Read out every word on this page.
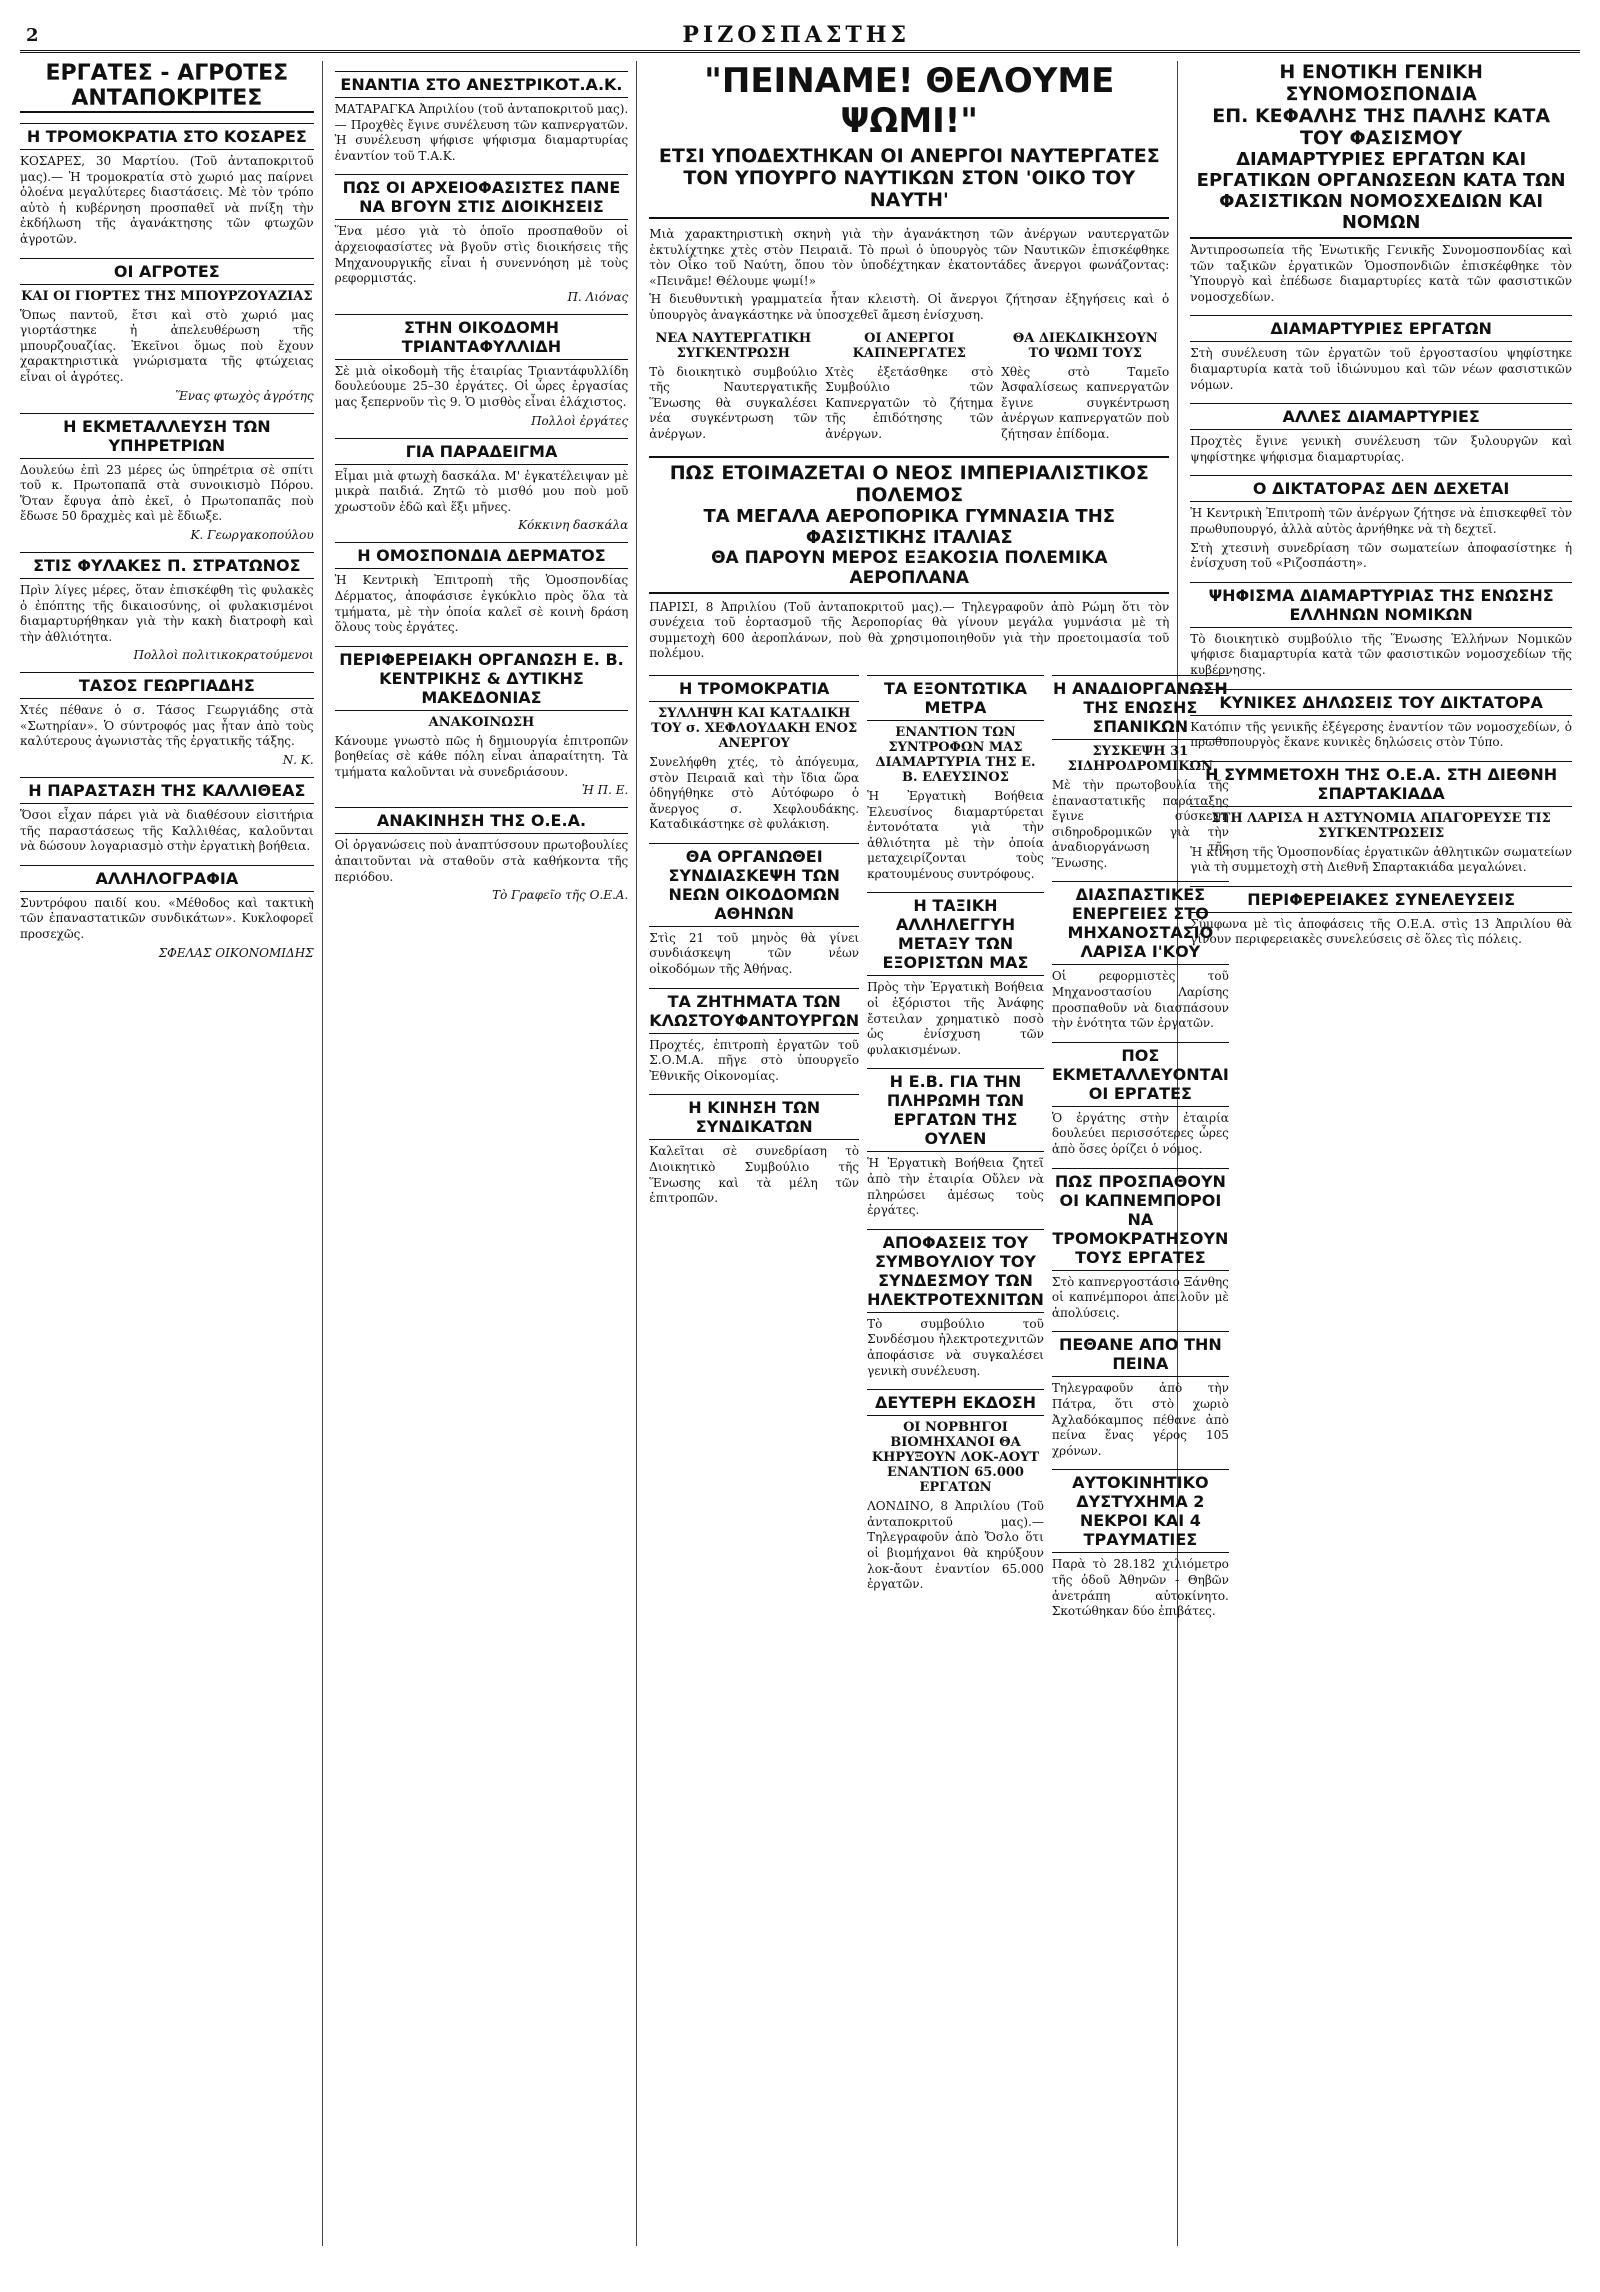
2	ΡΙΖΟΣΠΑΣΤΗΣ
ΕΡΓΑΤΕΣ - ΑΓΡΟΤΕΣ ΑΝΤΑΠΟΚΡΙΤΕΣ
Η ΤΡΟΜΟΚΡΑΤΙΑ ΣΤΟ ΚΟΣΑΡΕΣ

ΚΟΣΑΡΕΣ, 30 Μαρτίου. (Τοῦ ἀνταποκριτοῦ μας).— Ἡ τρομοκρατία στὸ χωριό μας παίρνει ὁλοένα μεγαλύτερες διαστάσεις. Μὲ τὸν τρόπο αὐτὸ ἡ κυβέρνηση προσπαθεῖ νὰ πνίξη τὴν ἐκδήλωση τῆς ἀγανάκτησης τῶν φτωχῶν ἀγροτῶν.

ΟΙ ΑΓΡΟΤΕΣ
ΚΑΙ ΟΙ ΓΙΟΡΤΕΣ ΤΗΣ ΜΠΟΥΡΖΟΥΑΖΙΑΣ

Ὅπως παντοῦ, ἔτσι καὶ στὸ χωριό μας γιορτάστηκε ἡ ἀπελευθέρωση τῆς μπουρζουαζίας. Ἐκεῖνοι ὅμως ποὺ ἔχουν χαρακτηριστικὰ γνώρισματα τῆς φτώχειας εἶναι οἱ ἀγρότες.

Ἕνας φτωχὸς ἀγρότης
Η ΕΚΜΕΤΑΛΛΕΥΣΗ ΤΩΝ ΥΠΗΡΕΤΡΙΩΝ

Δουλεύω ἐπὶ 23 μέρες ὡς ὑπηρέτρια σὲ σπίτι τοῦ κ. Πρωτοπαπᾶ στὰ συνοικισμὸ Πόρου. Ὅταν ἔφυγα ἀπὸ ἐκεῖ, ὁ Πρωτοπαπᾶς ποὺ ἔδωσε 50 δραχμὲς καὶ μὲ ἔδιωξε.

Κ. Γεωργακοπούλου
ΣΤΙΣ ΦΥΛΑΚΕΣ Π. ΣΤΡΑΤΩΝΟΣ

Πρὶν λίγες μέρες, ὅταν ἐπισκέφθη τὶς φυλακὲς ὁ ἐπόπτης τῆς δικαιοσύνης, οἱ φυλακισμένοι διαμαρτυρήθηκαν γιὰ τὴν κακὴ διατροφὴ καὶ τὴν ἀθλιότητα.

Πολλοὶ πολιτικοκρατούμενοι
ΤΑΣΟΣ ΓΕΩΡΓΙΑΔΗΣ

Χτές πέθανε ὁ σ. Τάσος Γεωργιάδης στὰ «Σωτηρίαν». Ὁ σύντροφός μας ἦταν ἀπὸ τοὺς καλύτερους ἀγωνιστὰς τῆς ἐργατικῆς τάξης.

Ν. Κ.
Η ΠΑΡΑΣΤΑΣΗ ΤΗΣ ΚΑΛΛΙΘΕΑΣ

Ὅσοι εἶχαν πάρει γιὰ νὰ διαθέσουν εἰσιτήρια τῆς παραστάσεως τῆς Καλλιθέας, καλοῦνται νὰ δώσουν λογαριασμὸ στὴν ἐργατικὴ βοήθεια.

ΑΛΛΗΛΟΓΡΑΦΙΑ

Συντρόφου παιδί κου. «Μέθοδος καὶ τακτικὴ τῶν ἐπαναστατικῶν συνδικάτων». Κυκλοφορεῖ προσεχῶς.

ΣΦΕΛΑΣ ΟΙΚΟΝΟΜΙΔΗΣ
ΕΝΑΝΤΙΑ ΣΤΟ ΑΝΕΣΤΡΙΚΟΤ.Α.Κ.

ΜΑΤΑΡΑΓΚΑ Ἀπριλίου (τοῦ ἀνταποκριτοῦ μας).— Προχθὲς ἔγινε συνέλευση τῶν καπνεργατῶν. Ἡ συνέλευση ψήφισε ψήφισμα διαμαρτυρίας ἐναντίον τοῦ Τ.Α.Κ.

ΠΩΣ ΟΙ ΑΡΧΕΙΟΦΑΣΙΣΤΕΣ ΠΑΝΕ ΝΑ ΒΓΟΥΝ ΣΤΙΣ ΔΙΟΙΚΗΣΕΙΣ

Ἕνα μέσο γιὰ τὸ ὁποῖο προσπαθοῦν οἱ ἀρχειοφασίστες νὰ βγοῦν στὶς διοικήσεις τῆς Μηχανουργικῆς εἶναι ἡ συνεννόηση μὲ τοὺς ρεφορμιστάς.

Π. Λιόνας
ΣΤΗΝ ΟΙΚΟΔΟΜΗ ΤΡΙΑΝΤΑΦΥΛΛΙΔΗ

Σὲ μιὰ οἰκοδομὴ τῆς ἑταιρίας Τριαντάφυλλίδη δουλεύουμε 25–30 ἐργάτες. Οἱ ὧρες ἐργασίας μας ξεπερνοῦν τὶς 9. Ὁ μισθὸς εἶναι ἐλάχιστος.

Πολλοὶ ἐργάτες
ΓΙΑ ΠΑΡΑΔΕΙΓΜΑ

Εἶμαι μιὰ φτωχὴ δασκάλα. Μ' ἐγκατέλειψαν μὲ μικρὰ παιδιά. Ζητῶ τὸ μισθό μου ποὺ μοῦ χρωστοῦν ἐδῶ καὶ ἕξι μῆνες.

Κόκκινη δασκάλα
Η ΟΜΟΣΠΟΝΔΙΑ ΔΕΡΜΑΤΟΣ

Ἡ Κεντρικὴ Ἐπιτροπὴ τῆς Ὁμοσπονδίας Δέρματος, ἀποφάσισε ἐγκύκλιο πρὸς ὅλα τὰ τμήματα, μὲ τὴν ὁποία καλεῖ σὲ κοινὴ δράση ὅλους τοὺς ἐργάτες.

ΠΕΡΙΦΕΡΕΙΑΚΗ ΟΡΓΑΝΩΣΗ Ε. Β. ΚΕΝΤΡΙΚΗΣ & ΔΥΤΙΚΗΣ ΜΑΚΕΔΟΝΙΑΣ
ΑΝΑΚΟΙΝΩΣΗ

Κάνουμε γνωστὸ πῶς ἡ δημιουργία ἐπιτροπῶν βοηθείας σὲ κάθε πόλη εἶναι ἀπαραίτητη. Τὰ τμήματα καλοῦνται νὰ συνεδριάσουν.

Ἡ Π. Ε.
ΑΝΑΚΙΝΗΣΗ ΤΗΣ Ο.Ε.Α.

Οἱ ὀργανώσεις ποὺ ἀναπτύσσουν πρωτοβουλίες ἀπαιτοῦνται νὰ σταθοῦν στὰ καθήκοντα τῆς περιόδου.

Τὸ Γραφεῖο τῆς Ο.Ε.Α.
"ΠΕΙΝΑΜΕ! ΘΕΛΟΥΜΕ ΨΩΜΙ!"
ΕΤΣΙ ΥΠΟΔΕΧΤΗΚΑΝ ΟΙ ΑΝΕΡΓΟΙ ΝΑΥΤΕΡΓΑΤΕΣ ΤΟΝ ΥΠΟΥΡΓΟ ΝΑΥΤΙΚΩΝ ΣΤΟΝ 'ΟΙΚΟ ΤΟΥ ΝΑΥΤΗ'

Μιὰ χαρακτηριστικὴ σκηνὴ γιὰ τὴν ἀγανάκτηση τῶν ἀνέργων ναυτεργατῶν ἐκτυλίχτηκε χτὲς στὸν Πειραιᾶ. Τὸ πρωὶ ὁ ὑπουργὸς τῶν Ναυτικῶν ἐπισκέφθηκε τὸν Οἶκο τοῦ Ναύτη, ὅπου τὸν ὑποδέχτηκαν ἐκατοντάδες ἄνεργοι φωνάζοντας: «Πεινᾶμε! Θέλουμε ψωμί!»

Ἡ διευθυντικὴ γραμματεία ἦταν κλειστὴ. Οἱ ἄνεργοι ζήτησαν ἐξηγήσεις καὶ ὁ ὑπουργὸς ἀναγκάστηκε νὰ ὑποσχεθεῖ ἄμεση ἐνίσχυση.

ΝΕΑ ΝΑΥΤΕΡΓΑΤΙΚΗ ΣΥΓΚΕΝΤΡΩΣΗ

Τὸ διοικητικὸ συμβούλιο τῆς Ναυτεργατικῆς Ἕνωσης θὰ συγκαλέσει νέα συγκέντρωση τῶν ἀνέργων.

ΟΙ ΑΝΕΡΓΟΙ ΚΑΠΝΕΡΓΑΤΕΣ

Χτὲς ἐξετάσθηκε στὸ Συμβούλιο τῶν Καπνεργατῶν τὸ ζήτημα τῆς ἐπιδότησης τῶν ἀνέργων.

ΘΑ ΔΙΕΚΔΙΚΗΣΟΥΝ ΤΟ ΨΩΜΙ ΤΟΥΣ

Χθὲς στὸ Ταμεῖο Ἀσφαλίσεως καπνεργατῶν ἔγινε συγκέντρωση ἀνέργων καπνεργατῶν ποὺ ζήτησαν ἐπίδομα.

ΠΩΣ ΕΤΟΙΜΑΖΕΤΑΙ Ο ΝΕΟΣ ΙΜΠΕΡΙΑΛΙΣΤΙΚΟΣ ΠΟΛΕΜΟΣ
ΤΑ ΜΕΓΑΛΑ ΑΕΡΟΠΟΡΙΚΑ ΓΥΜΝΑΣΙΑ ΤΗΣ ΦΑΣΙΣΤΙΚΗΣ ΙΤΑΛΙΑΣ
ΘΑ ΠΑΡΟΥΝ ΜΕΡΟΣ ΕΞΑΚΟΣΙΑ ΠΟΛΕΜΙΚΑ ΑΕΡΟΠΛΑΝΑ

ΠΑΡΙΣΙ, 8 Ἀπριλίου (Τοῦ ἀνταποκριτοῦ μας).— Τηλεγραφοῦν ἀπὸ Ρώμη ὅτι τὸν συνέχεια τοῦ ἑορτασμοῦ τῆς Ἀεροπορίας θὰ γίνουν μεγάλα γυμνάσια μὲ τὴ συμμετοχὴ 600 ἀεροπλάνων, ποὺ θὰ χρησιμοποιηθοῦν γιὰ τὴν προετοιμασία τοῦ πολέμου.

Η ΤΡΟΜΟΚΡΑΤΙΑ
ΣΥΛΛΗΨΗ ΚΑΙ ΚΑΤΑΔΙΚΗ ΤΟΥ σ. ΧΕΦΛΟΥΔΑΚΗ ΕΝΟΣ ΑΝΕΡΓΟΥ

Συνελήφθη χτές, τὸ ἀπόγευμα, στὸν Πειραιᾶ καὶ τὴν ἴδια ὥρα ὁδηγήθηκε στὸ Αὐτόφωρο ὁ ἄνεργος σ. Χεφλουδάκης. Καταδικάστηκε σὲ φυλάκιση.

ΘΑ ΟΡΓΑΝΩΘΕΙ ΣΥΝΔΙΑΣΚΕΨΗ ΤΩΝ ΝΕΩΝ ΟΙΚΟΔΟΜΩΝ ΑΘΗΝΩΝ

Στὶς 21 τοῦ μηνὸς θὰ γίνει συνδιάσκεψη τῶν νέων οἰκοδόμων τῆς Ἀθήνας.

ΤΑ ΖΗΤΗΜΑΤΑ ΤΩΝ ΚΛΩΣΤΟΥΦΑΝΤΟΥΡΓΩΝ

Προχτές, ἐπιτροπὴ ἐργατῶν τοῦ Σ.Ο.Μ.Α. πῆγε στὸ ὑπουργεῖο Ἐθνικῆς Οἰκονομίας.

Η ΚΙΝΗΣΗ ΤΩΝ ΣΥΝΔΙΚΑΤΩΝ

Καλεῖται σὲ συνεδρίαση τὸ Διοικητικὸ Συμβούλιο τῆς Ἕνωσης καὶ τὰ μέλη τῶν ἐπιτροπῶν.

ΤΑ ΕΞΟΝΤΩΤΙΚΑ ΜΕΤΡΑ
ΕΝΑΝΤΙΟΝ ΤΩΝ ΣΥΝΤΡΟΦΩΝ ΜΑΣ ΔΙΑΜΑΡΤΥΡΙΑ ΤΗΣ Ε. Β. ΕΛΕΥΣΙΝΟΣ

Ἡ Ἐργατικὴ Βοήθεια Ἐλευσίνος διαμαρτύρεται ἐντονότατα γιὰ τὴν ἀθλιότητα μὲ τὴν ὁποία μεταχειρίζονται τοὺς κρατουμένους συντρόφους.

Η ΤΑΞΙΚΗ ΑΛΛΗΛΕΓΓΥΗ ΜΕΤΑΞΥ ΤΩΝ ΕΞΟΡΙΣΤΩΝ ΜΑΣ

Πρὸς τὴν Ἐργατικὴ Βοήθεια οἱ ἐξόριστοι τῆς Ἀνάφης ἔστειλαν χρηματικὸ ποσὸ ὡς ἐνίσχυση τῶν φυλακισμένων.

Η Ε.Β. ΓΙΑ ΤΗΝ ΠΛΗΡΩΜΗ ΤΩΝ ΕΡΓΑΤΩΝ ΤΗΣ ΟΥΛΕΝ

Ἡ Ἐργατικὴ Βοήθεια ζητεῖ ἀπὸ τὴν ἑταιρία Οὔλεν νὰ πληρώσει ἀμέσως τοὺς ἐργάτες.

ΑΠΟΦΑΣΕΙΣ ΤΟΥ ΣΥΜΒΟΥΛΙΟΥ ΤΟΥ ΣΥΝΔΕΣΜΟΥ ΤΩΝ ΗΛΕΚΤΡΟΤΕΧΝΙΤΩΝ

Τὸ συμβούλιο τοῦ Συνδέσμου ἠλεκτροτεχνιτῶν ἀποφάσισε νὰ συγκαλέσει γενικὴ συνέλευση.

ΔΕΥΤΕΡΗ ΕΚΔΟΣΗ
ΟΙ ΝΟΡΒΗΓΟΙ ΒΙΟΜΗΧΑΝΟΙ ΘΑ ΚΗΡΥΞΟΥΝ ΛΟΚ-ΑΟΥΤ ΕΝΑΝΤΙΟΝ 65.000 ΕΡΓΑΤΩΝ

ΛΟΝΔΙΝΟ, 8 Ἀπριλίου (Τοῦ ἀνταποκριτοῦ μας).— Τηλεγραφοῦν ἀπὸ Ὄσλο ὅτι οἱ βιομήχανοι θὰ κηρύξουν λοκ-ἄουτ ἐναντίον 65.000 ἐργατῶν.

Η ΑΝΑΔΙΟΡΓΑΝΩΣΗ ΤΗΣ ΕΝΩΣΗΣ ΣΠΑΝΙΚΩΝ
ΣΥΣΚΕΨΗ 31 ΣΙΔΗΡΟΔΡΟΜΙΚΩΝ

Μὲ τὴν πρωτοβουλία τῆς ἐπαναστατικῆς παράταξης ἔγινε σύσκεψη σιδηροδρομικῶν γιὰ τὴν ἀναδιοργάνωση τῆς Ἕνωσης.

ΔΙΑΣΠΑΣΤΙΚΕΣ ΕΝΕΡΓΕΙΕΣ ΣΤΟ ΜΗΧΑΝΟΣΤΑΣΙΟ ΛΑΡΙΣΑ Ι'ΚΟΥ

Οἱ ρεφορμιστὲς τοῦ Μηχανοστασίου Λαρίσης προσπαθοῦν νὰ διασπάσουν τὴν ἑνότητα τῶν ἐργατῶν.

ΠΟΣ ΕΚΜΕΤΑΛΛΕΥΟΝΤΑΙ ΟΙ ΕΡΓΑΤΕΣ

Ὁ ἐργάτης στὴν ἐταιρία δουλεύει περισσότερες ὧρες ἀπὸ ὅσες ὁρίζει ὁ νόμος.

ΠΩΣ ΠΡΟΣΠΑΘΟΥΝ ΟΙ ΚΑΠΝΕΜΠΟΡΟΙ ΝΑ ΤΡΟΜΟΚΡΑΤΗΣΟΥΝ ΤΟΥΣ ΕΡΓΑΤΕΣ

Στὸ καπνεργοστάσιο Ξάνθης οἱ καπνέμποροι ἀπειλοῦν μὲ ἀπολύσεις.

ΠΕΘΑΝΕ ΑΠΟ ΤΗΝ ΠΕΙΝΑ

Τηλεγραφοῦν ἀπὸ τὴν Πάτρα, ὅτι στὸ χωριὸ Ἀχλαδόκαμπος πέθανε ἀπὸ πείνα ἕνας γέρος 105 χρόνων.

ΑΥΤΟΚΙΝΗΤΙΚΟ ΔΥΣΤΥΧΗΜΑ 2 ΝΕΚΡΟΙ ΚΑΙ 4 ΤΡΑΥΜΑΤΙΕΣ

Παρὰ τὸ 28.182 χιλιόμετρο τῆς ὁδοῦ Ἀθηνῶν - Θηβῶν ἀνετράπη αὐτοκίνητο. Σκοτώθηκαν δύο ἐπιβάτες.

Η ΕΝΟΤΙΚΗ ΓΕΝΙΚΗ ΣΥΝΟΜΟΣΠΟΝΔΙΑ
ΕΠ. ΚΕΦΑΛΗΣ ΤΗΣ ΠΑΛΗΣ ΚΑΤΑ ΤΟΥ ΦΑΣΙΣΜΟΥ
ΔΙΑΜΑΡΤΥΡΙΕΣ ΕΡΓΑΤΩΝ ΚΑΙ ΕΡΓΑΤΙΚΩΝ ΟΡΓΑΝΩΣΕΩΝ ΚΑΤΑ ΤΩΝ ΦΑΣΙΣΤΙΚΩΝ ΝΟΜΟΣΧΕΔΙΩΝ ΚΑΙ ΝΟΜΩΝ

Ἀντιπροσωπεία τῆς Ἑνωτικῆς Γενικῆς Συνομοσπονδίας καὶ τῶν ταξικῶν ἐργατικῶν Ὁμοσπονδιῶν ἐπισκέφθηκε τὸν Ὑπουργὸ καὶ ἐπέδωσε διαμαρτυρίες κατὰ τῶν φασιστικῶν νομοσχεδίων.

ΔΙΑΜΑΡΤΥΡΙΕΣ ΕΡΓΑΤΩΝ

Στὴ συνέλευση τῶν ἐργατῶν τοῦ ἐργοστασίου ψηφίστηκε διαμαρτυρία κατὰ τοῦ ἰδιώνυμου καὶ τῶν νέων φασιστικῶν νόμων.

ΑΛΛΕΣ ΔΙΑΜΑΡΤΥΡΙΕΣ

Προχτὲς ἔγινε γενικὴ συνέλευση τῶν ξυλουργῶν καὶ ψηφίστηκε ψήφισμα διαμαρτυρίας.

Ο ΔΙΚΤΑΤΟΡΑΣ ΔΕΝ ΔΕΧΕΤΑΙ

Ἡ Κεντρικὴ Ἐπιτροπὴ τῶν ἀνέργων ζήτησε νὰ ἐπισκεφθεῖ τὸν πρωθυπουργό, ἀλλὰ αὐτὸς ἀρνήθηκε νὰ τὴ δεχτεῖ.

Στὴ χτεσινὴ συνεδρίαση τῶν σωματείων ἀποφασίστηκε ἡ ἐνίσχυση τοῦ «Ριζοσπάστη».

ΨΗΦΙΣΜΑ ΔΙΑΜΑΡΤΥΡΙΑΣ ΤΗΣ ΕΝΩΣΗΣ ΕΛΛΗΝΩΝ ΝΟΜΙΚΩΝ

Τὸ διοικητικὸ συμβούλιο τῆς Ἕνωσης Ἑλλήνων Νομικῶν ψήφισε διαμαρτυρία κατὰ τῶν φασιστικῶν νομοσχεδίων τῆς κυβέρνησης.

ΚΥΝΙΚΕΣ ΔΗΛΩΣΕΙΣ ΤΟΥ ΔΙΚΤΑΤΟΡΑ

Κατόπιν τῆς γενικῆς ἐξέγερσης ἐναντίον τῶν νομοσχεδίων, ὁ πρωθυπουργὸς ἔκανε κυνικὲς δηλώσεις στὸν Τύπο.

Η ΣΥΜΜΕΤΟΧΗ ΤΗΣ Ο.Ε.Α. ΣΤΗ ΔΙΕΘΝΗ ΣΠΑΡΤΑΚΙΑΔΑ
ΣΤΗ ΛΑΡΙΣΑ Η ΑΣΤΥΝΟΜΙΑ ΑΠΑΓΟΡΕΥΣΕ ΤΙΣ ΣΥΓΚΕΝΤΡΩΣΕΙΣ

Ἡ κίνηση τῆς Ὁμοσπονδίας ἐργατικῶν ἀθλητικῶν σωματείων γιὰ τὴ συμμετοχὴ στὴ Διεθνῆ Σπαρτακιάδα μεγαλώνει.

ΠΕΡΙΦΕΡΕΙΑΚΕΣ ΣΥΝΕΛΕΥΣΕΙΣ

Σύμφωνα μὲ τὶς ἀποφάσεις τῆς Ο.Ε.Α. στὶς 13 Ἀπριλίου θὰ γίνουν περιφερειακὲς συνελεύσεις σὲ ὅλες τὶς πόλεις.
